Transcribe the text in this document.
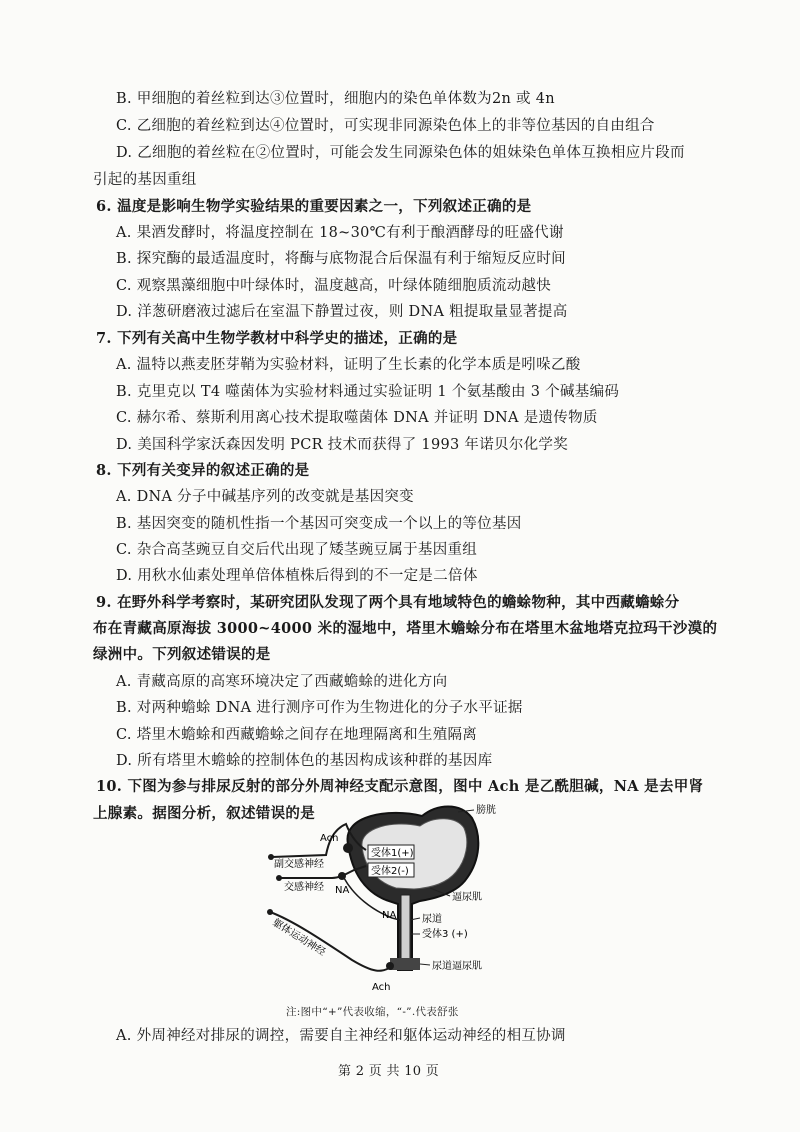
B. 甲细胞的着丝粒到达③位置时，细胞内的染色单体数为2n 或 4n
C. 乙细胞的着丝粒到达④位置时，可实现非同源染色体上的非等位基因的自由组合
D. 乙细胞的着丝粒在②位置时，可能会发生同源染色体的姐妹染色单体互换相应片段而
引起的基因重组
6. 温度是影响生物学实验结果的重要因素之一，下列叙述正确的是
A. 果酒发酵时，将温度控制在 18~30℃有利于酿酒酵母的旺盛代谢
B. 探究酶的最适温度时，将酶与底物混合后保温有利于缩短反应时间
C. 观察黑藻细胞中叶绿体时，温度越高，叶绿体随细胞质流动越快
D. 洋葱研磨液过滤后在室温下静置过夜，则 DNA 粗提取量显著提高
7. 下列有关高中生物学教材中科学史的描述，正确的是
A. 温特以燕麦胚芽鞘为实验材料，证明了生长素的化学本质是吲哚乙酸
B. 克里克以 T4 噬菌体为实验材料通过实验证明 1 个氨基酸由 3 个碱基编码
C. 赫尔希、蔡斯利用离心技术提取噬菌体 DNA 并证明 DNA 是遗传物质
D. 美国科学家沃森因发明 PCR 技术而获得了 1993 年诺贝尔化学奖
8. 下列有关变异的叙述正确的是
A. DNA 分子中碱基序列的改变就是基因突变
B. 基因突变的随机性指一个基因可突变成一个以上的等位基因
C. 杂合高茎豌豆自交后代出现了矮茎豌豆属于基因重组
D. 用秋水仙素处理单倍体植株后得到的不一定是二倍体
9. 在野外科学考察时，某研究团队发现了两个具有地域特色的蟾蜍物种，其中西藏蟾蜍分
布在青藏高原海拔 3000~4000 米的湿地中，塔里木蟾蜍分布在塔里木盆地塔克拉玛干沙漠的
绿洲中。下列叙述错误的是
A. 青藏高原的高寒环境决定了西藏蟾蜍的进化方向
B. 对两种蟾蜍 DNA 进行测序可作为生物进化的分子水平证据
C. 塔里木蟾蜍和西藏蟾蜍之间存在地理隔离和生殖隔离
D. 所有塔里木蟾蜍的控制体色的基因构成该种群的基因库
10. 下图为参与排尿反射的部分外周神经支配示意图，图中 Ach 是乙酰胆碱，NA 是去甲肾
上腺素。据图分析，叙述错误的是	膀胱
Ach
副交感神经
受体1(+)
受体2(-)
交感神经 NA
逼尿肌
NA	尿道
受体3 (+)
躯体运动神经
尿道逼尿肌
Ach
注:图中“+”代表收缩，“-”.代表舒张
A. 外周神经对排尿的调控，需要自主神经和躯体运动神经的相互协调
第 2 页 共 10 页
